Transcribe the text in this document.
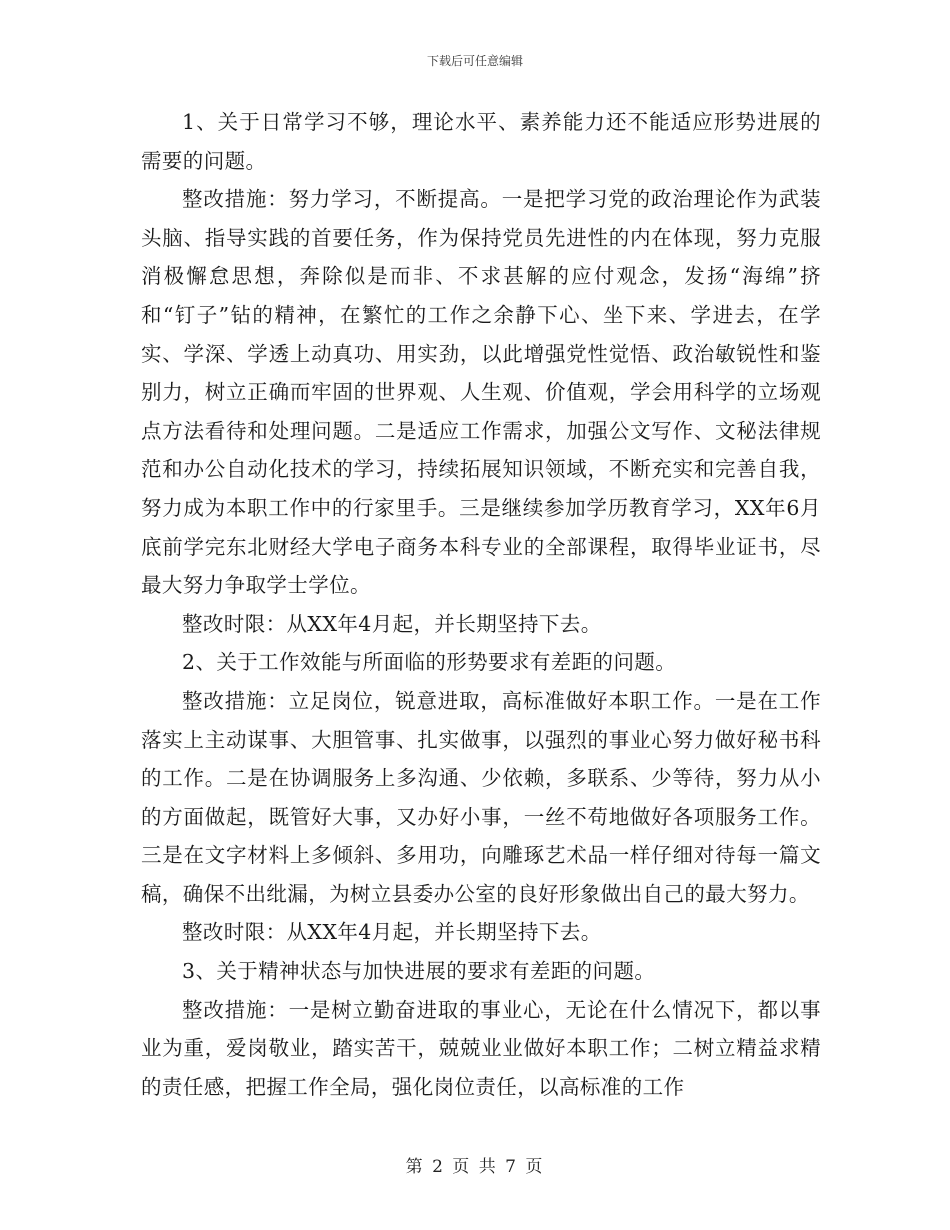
下载后可任意编辑

1、关于日常学习不够，理论水平、素养能力还不能适应形势进展的需要的问题。

整改措施：努力学习，不断提高。一是把学习党的政治理论作为武装头脑、指导实践的首要任务，作为保持党员先进性的内在体现，努力克服消极懈怠思想，奔除似是而非、不求甚解的应付观念，发扬“海绵”挤和“钉子”钻的精神，在繁忙的工作之余静下心、坐下来、学进去，在学实、学深、学透上动真功、用实劲，以此增强党性觉悟、政治敏锐性和鉴别力，树立正确而牢固的世界观、人生观、价值观，学会用科学的立场观点方法看待和处理问题。二是适应工作需求，加强公文写作、文秘法律规范和办公自动化技术的学习，持续拓展知识领域，不断充实和完善自我，努力成为本职工作中的行家里手。三是继续参加学历教育学习，XX年6月底前学完东北财经大学电子商务本科专业的全部课程，取得毕业证书，尽最大努力争取学士学位。

整改时限：从XX年4月起，并长期坚持下去。

2、关于工作效能与所面临的形势要求有差距的问题。

整改措施：立足岗位，锐意进取，高标准做好本职工作。一是在工作落实上主动谋事、大胆管事、扎实做事，以强烈的事业心努力做好秘书科的工作。二是在协调服务上多沟通、少依赖，多联系、少等待，努力从小的方面做起，既管好大事，又办好小事，一丝不苟地做好各项服务工作。三是在文字材料上多倾斜、多用功，向雕琢艺术品一样仔细对待每一篇文稿，确保不出纰漏，为树立县委办公室的良好形象做出自己的最大努力。

整改时限：从XX年4月起，并长期坚持下去。

3、关于精神状态与加快进展的要求有差距的问题。

整改措施：一是树立勤奋进取的事业心，无论在什么情况下，都以事业为重，爱岗敬业，踏实苦干，兢兢业业做好本职工作；二树立精益求精的责任感，把握工作全局，强化岗位责任，以高标准的工作

第 2 页 共 7 页
